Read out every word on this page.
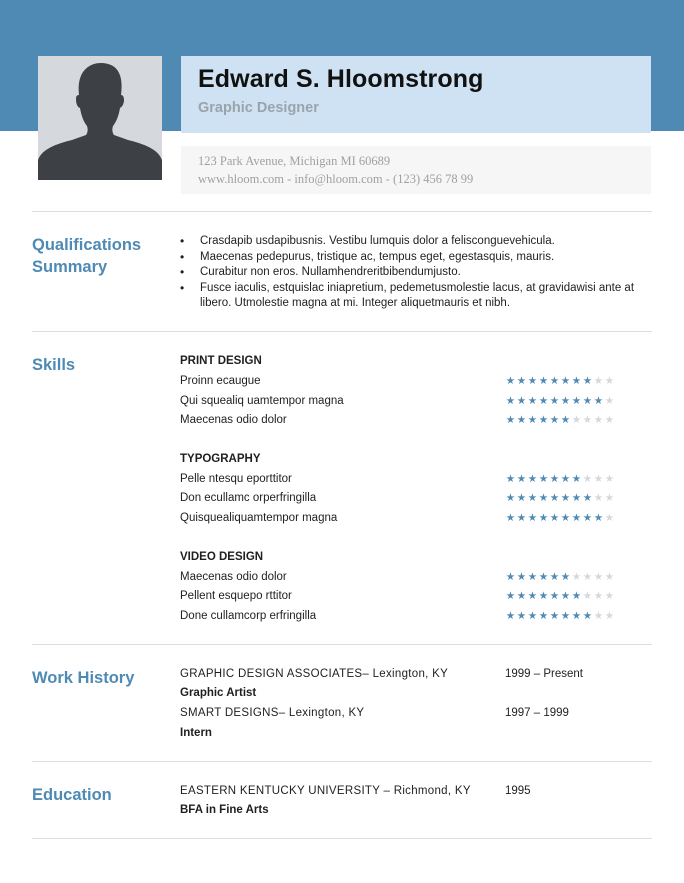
Edward S. Hloomstrong
Graphic Designer
123 Park Avenue, Michigan MI 60689
www.hloom.com - info@hloom.com - (123) 456 78 99
Qualifications
Summary
• Crasdapib usdapibusnis. Vestibu lumquis dolor a felisconguevehicula.
• Maecenas pedepurus, tristique ac, tempus eget, egestasquis, mauris.
• Curabitur non eros. Nullamhendreritbibendumjusto.
• Fusce iaculis, estquislac iniapretium, pedemetusmolestie lacus, at gravidawisi ante at libero. Utmolestie magna at mi. Integer aliquetmauris et nibh.
Skills	PRINT DESIGN
Proinn ecaugue	★ ★ ★ ★ ★ ★ ★ ★ ★ ★
Qui squealiq uamtempor magna	★ ★ ★ ★ ★ ★ ★ ★ ★ ★
Maecenas odio dolor	★ ★ ★ ★ ★ ★ ★ ★ ★ ★
TYPOGRAPHY
Pelle ntesqu eporttitor	★ ★ ★ ★ ★ ★ ★ ★ ★ ★
Don ecullamc orperfringilla	★ ★ ★ ★ ★ ★ ★ ★ ★ ★
Quisquealiquamtempor magna	★ ★ ★ ★ ★ ★ ★ ★ ★ ★
VIDEO DESIGN
Maecenas odio dolor	★ ★ ★ ★ ★ ★ ★ ★ ★ ★
Pellent esquepo rttitor	★ ★ ★ ★ ★ ★ ★ ★ ★ ★
Done cullamcorp erfringilla	★ ★ ★ ★ ★ ★ ★ ★ ★ ★
Work History	GRAPHIC DESIGN ASSOCIATES– Lexington, KY	1999 – Present
Graphic Artist
SMART DESIGNS– Lexington, KY	1997 – 1999
Intern
Education	EASTERN KENTUCKY UNIVERSITY – Richmond, KY	1995
BFA in Fine Arts
